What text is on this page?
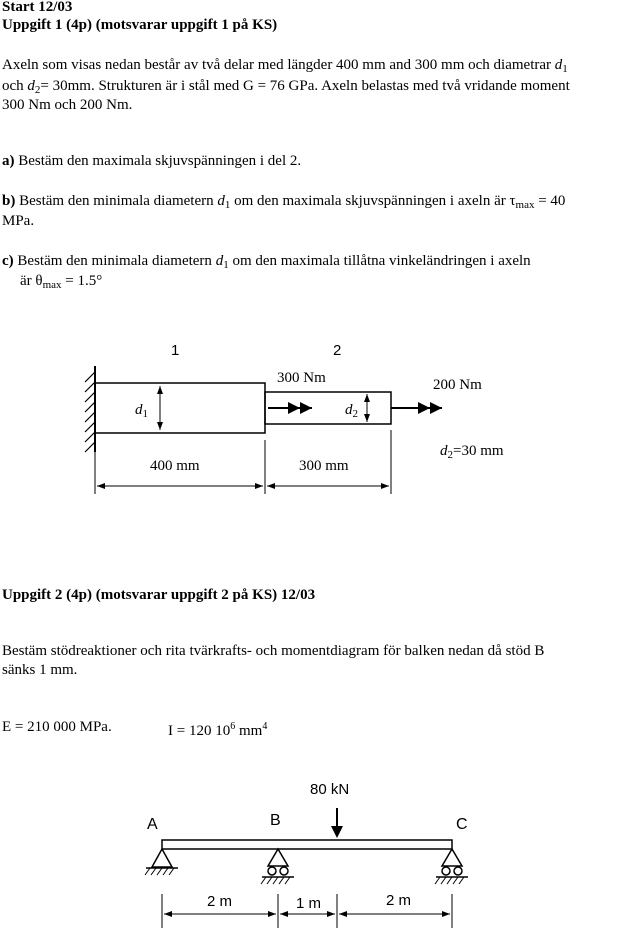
Start 12/03
Uppgift 1 (4p) (motsvarar uppgift 1 på KS)
Axeln som visas nedan består av två delar med längder 400 mm and 300 mm och diametrar $d_1$
och $d_2= 30mm$. Strukturen är i stål med G = 76 GPa. Axeln belastas med två vridande moment
300 Nm och 200 Nm.
a) Bestäm den maximala skjuvspänningen i del 2.
b) Bestäm den minimala diametern $d_1$ om den maximala skjuvspänningen i axeln är $\tau_{max} = 40$
MPa.
c) Bestäm den minimala diametern $d_1$ om den maximala tillåtna vinkeländringen i axeln
är $\theta_{max} = 1.5^\circ$
1	2
300 Nm	200 Nm
$d_1$	$d_2$
400 mm	300 mm
$d_2=30$ mm
Uppgift 2 (4p) (motsvarar uppgift 2 på KS) 12/03
Bestäm stödreaktioner och rita tvärkrafts- och momentdiagram för balken nedan då stöd B
sänks 1 mm.
E = 210 000 MPa.	I = 120 $10^6$ $mm^4$
80 kN
A	B	C
2 m	1 m	2 m
